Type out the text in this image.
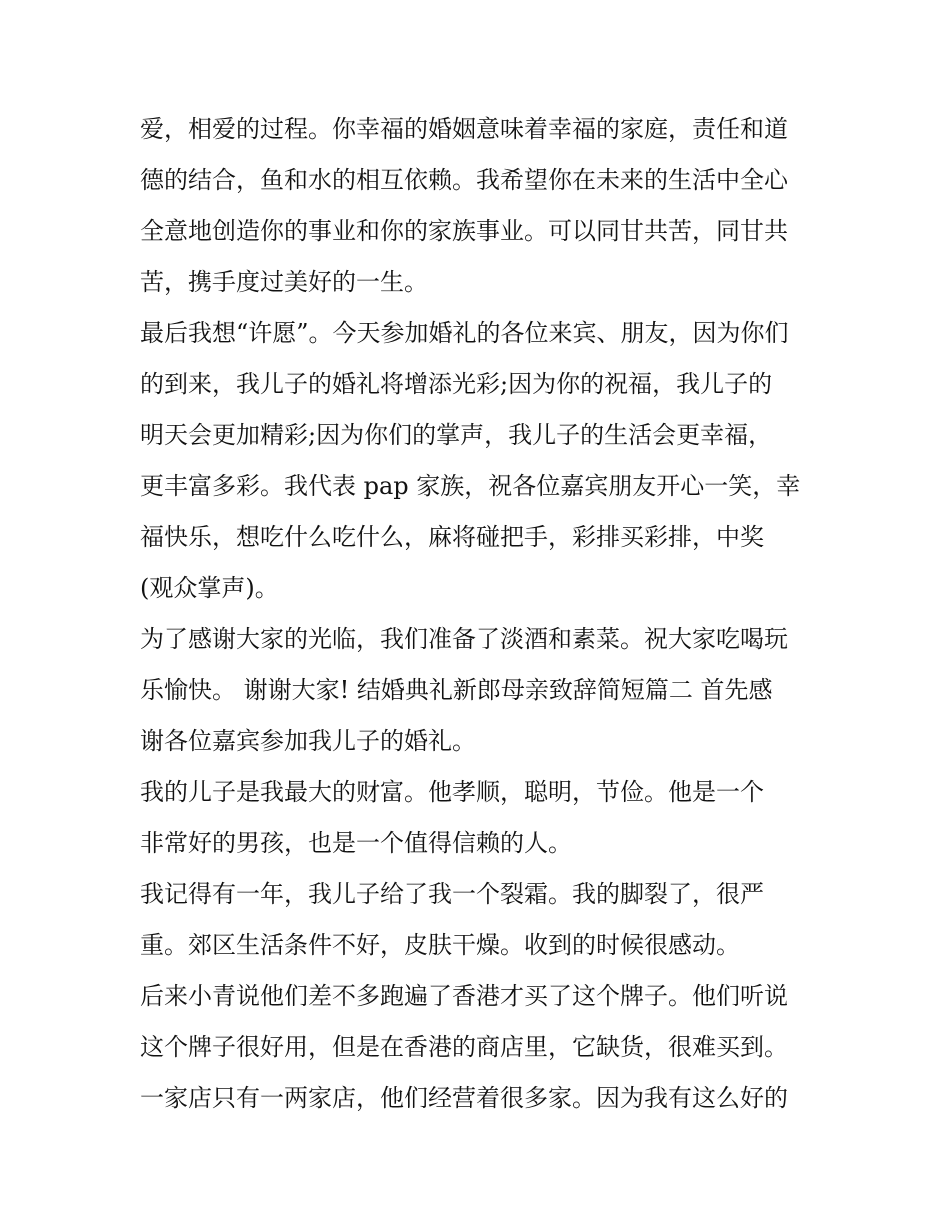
爱，相爱的过程。你幸福的婚姻意味着幸福的家庭，责任和道
德的结合，鱼和水的相互依赖。我希望你在未来的生活中全心
全意地创造你的事业和你的家族事业。可以同甘共苦，同甘共
苦，携手度过美好的一生。
最后我想“许愿”。今天参加婚礼的各位来宾、朋友，因为你们
的到来，我儿子的婚礼将增添光彩;因为你的祝福，我儿子的
明天会更加精彩;因为你们的掌声，我儿子的生活会更幸福，
更丰富多彩。我代表 pap 家族，祝各位嘉宾朋友开心一笑，幸
福快乐，想吃什么吃什么，麻将碰把手，彩排买彩排，中奖
(观众掌声)。
为了感谢大家的光临，我们准备了淡酒和素菜。祝大家吃喝玩
乐愉快。 谢谢大家! 结婚典礼新郎母亲致辞简短篇二 首先感
谢各位嘉宾参加我儿子的婚礼。
我的儿子是我最大的财富。他孝顺，聪明，节俭。他是一个
非常好的男孩，也是一个值得信赖的人。
我记得有一年，我儿子给了我一个裂霜。我的脚裂了，很严
重。郊区生活条件不好，皮肤干燥。收到的时候很感动。
后来小青说他们差不多跑遍了香港才买了这个牌子。他们听说
这个牌子很好用，但是在香港的商店里，它缺货，很难买到。
一家店只有一两家店，他们经营着很多家。因为我有这么好的
